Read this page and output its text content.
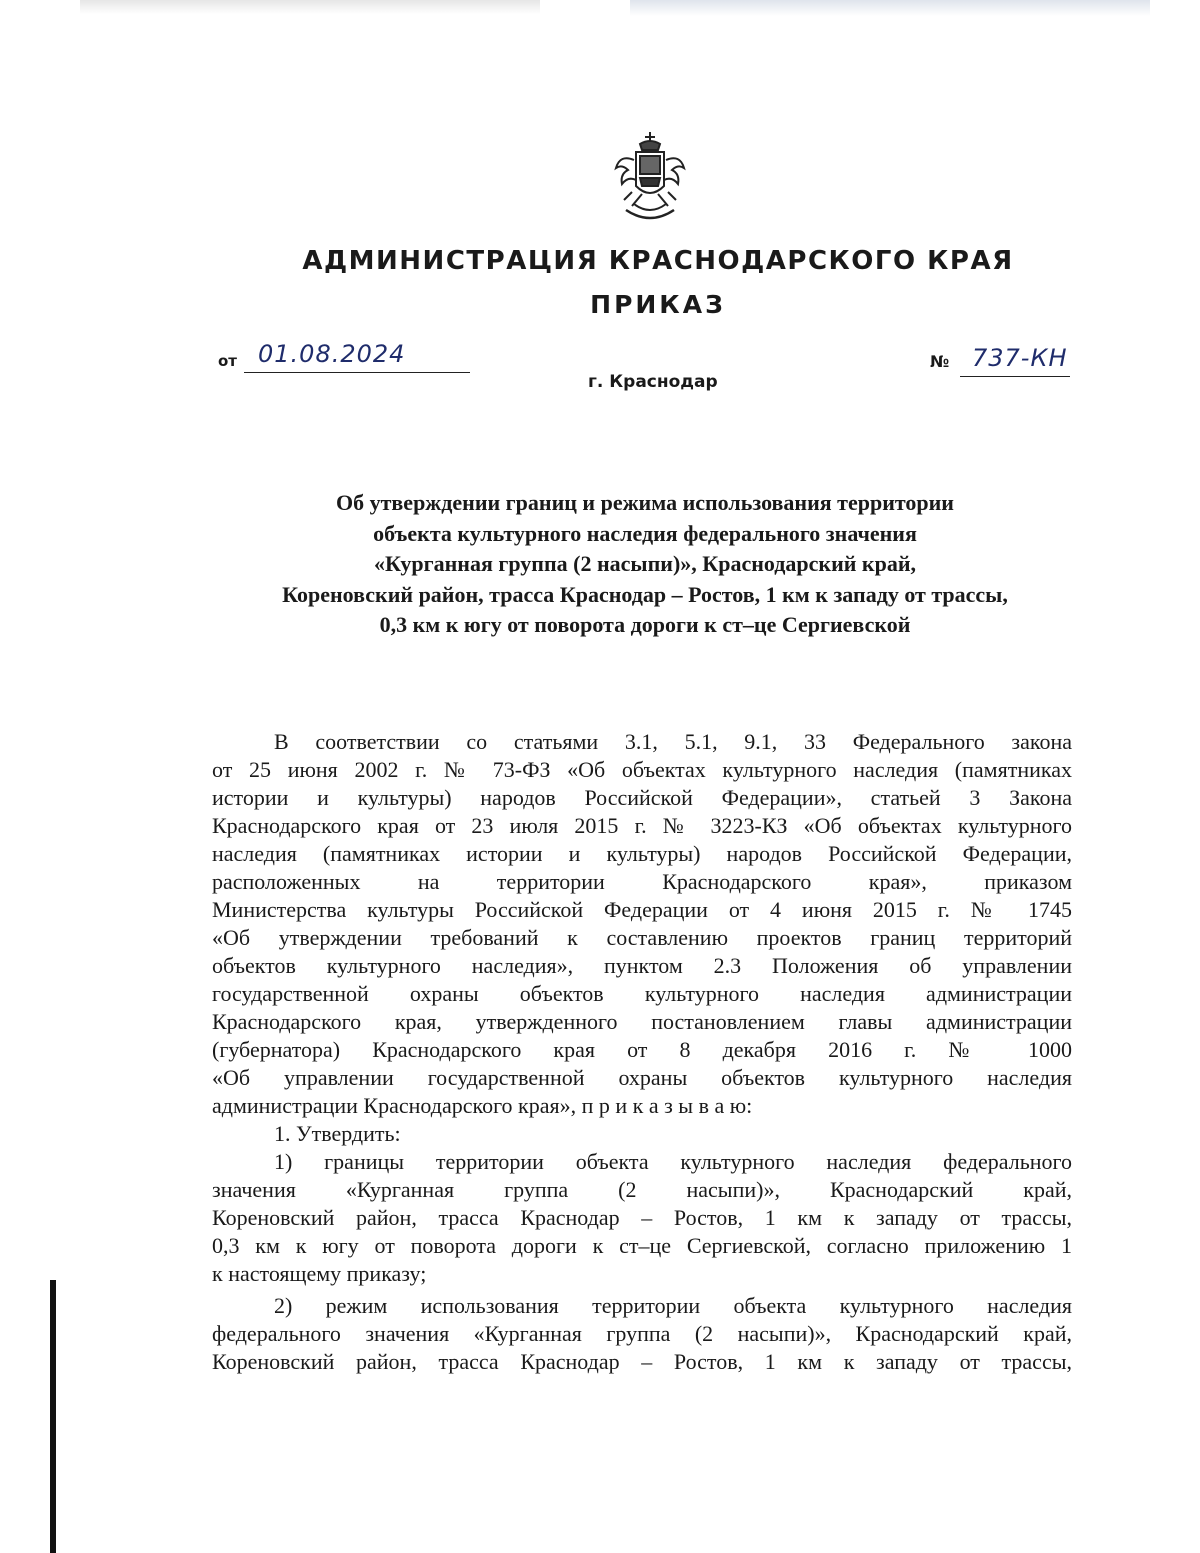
АДМИНИСТРАЦИЯ КРАСНОДАРСКОГО КРАЯ
ПРИКАЗ
от 01.08.2024
г. Краснодар
№ 737-КН
Об утверждении границ и режима использования территории
объекта культурного наследия федерального значения
«Курганная группа (2 насыпи)», Краснодарский край,
Кореновский район, трасса Краснодар – Ростов, 1 км к западу от трассы,
0,3 км к югу от поворота дороги к ст–це Сергиевской
В соответствии со статьями 3.1, 5.1, 9.1, 33 Федерального закона
от 25 июня 2002 г. № 73-ФЗ «Об объектах культурного наследия (памятниках
истории и культуры) народов Российской Федерации», статьей 3 Закона
Краснодарского края от 23 июля 2015 г. № 3223-КЗ «Об объектах культурного
наследия (памятниках истории и культуры) народов Российской Федерации,
расположенных на территории Краснодарского края», приказом
Министерства культуры Российской Федерации от 4 июня 2015 г. № 1745
«Об утверждении требований к составлению проектов границ территорий
объектов культурного наследия», пунктом 2.3 Положения об управлении
государственной охраны объектов культурного наследия администрации
Краснодарского края, утвержденного постановлением главы администрации
(губернатора) Краснодарского края от 8 декабря 2016 г. № 1000
«Об управлении государственной охраны объектов культурного наследия
администрации Краснодарского края», п р и к а з ы в а ю:
1. Утвердить:
1) границы территории объекта культурного наследия федерального
значения «Курганная группа (2 насыпи)», Краснодарский край,
Кореновский район, трасса Краснодар – Ростов, 1 км к западу от трассы,
0,3 км к югу от поворота дороги к ст–це Сергиевской, согласно приложению 1
к настоящему приказу;
2) режим использования территории объекта культурного наследия
федерального значения «Курганная группа (2 насыпи)», Краснодарский край,
Кореновский район, трасса Краснодар – Ростов, 1 км к западу от трассы,
